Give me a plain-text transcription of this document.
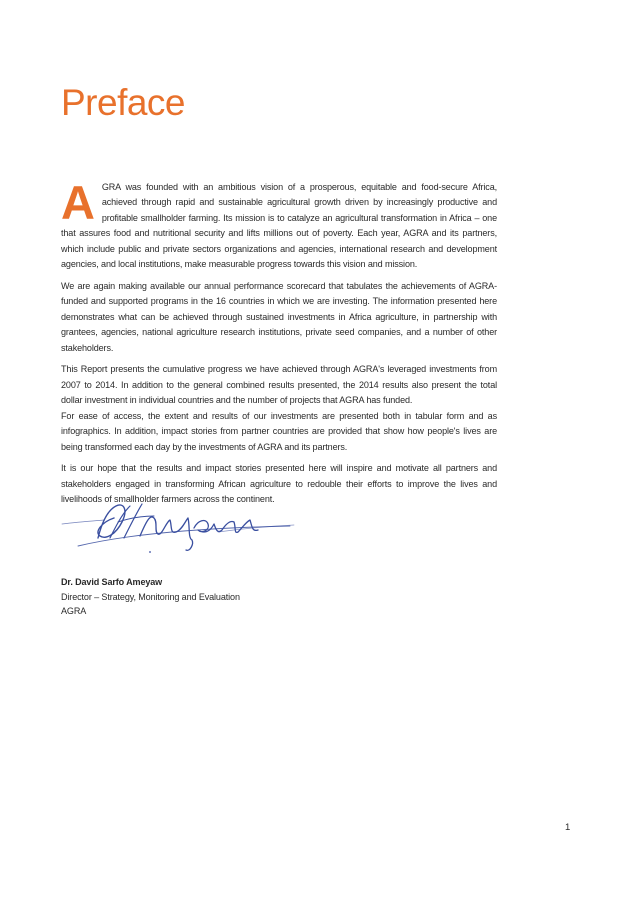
Preface

AGRA was founded with an ambitious vision of a prosperous, equitable and food-secure Africa, achieved through rapid and sustainable agricultural growth driven by increasingly productive and profitable smallholder farming. Its mission is to catalyze an agricultural transformation in Africa – one that assures food and nutritional security and lifts millions out of poverty. Each year, AGRA and its partners, which include public and private sectors organizations and agencies, international research and development agencies, and local institutions, make measurable progress towards this vision and mission.

We are again making available our annual performance scorecard that tabulates the achievements of AGRA-funded and supported programs in the 16 countries in which we are investing. The information presented here demonstrates what can be achieved through sustained investments in Africa agriculture, in partnership with grantees, agencies, national agriculture research institutions, private seed companies, and a number of other stakeholders.

This Report presents the cumulative progress we have achieved through AGRA's leveraged investments from 2007 to 2014. In addition to the general combined results presented, the 2014 results also present the total dollar investment in individual countries and the number of projects that AGRA has funded.

For ease of access, the extent and results of our investments are presented both in tabular form and as infographics. In addition, impact stories from partner countries are provided that show how people's lives are being transformed each day by the investments of AGRA and its partners.

It is our hope that the results and impact stories presented here will inspire and motivate all partners and stakeholders engaged in transforming African agriculture to redouble their efforts to improve the lives and livelihoods of smallholder farmers across the continent.

Dr. David Sarfo Ameyaw
Director – Strategy, Monitoring and Evaluation
AGRA
1
